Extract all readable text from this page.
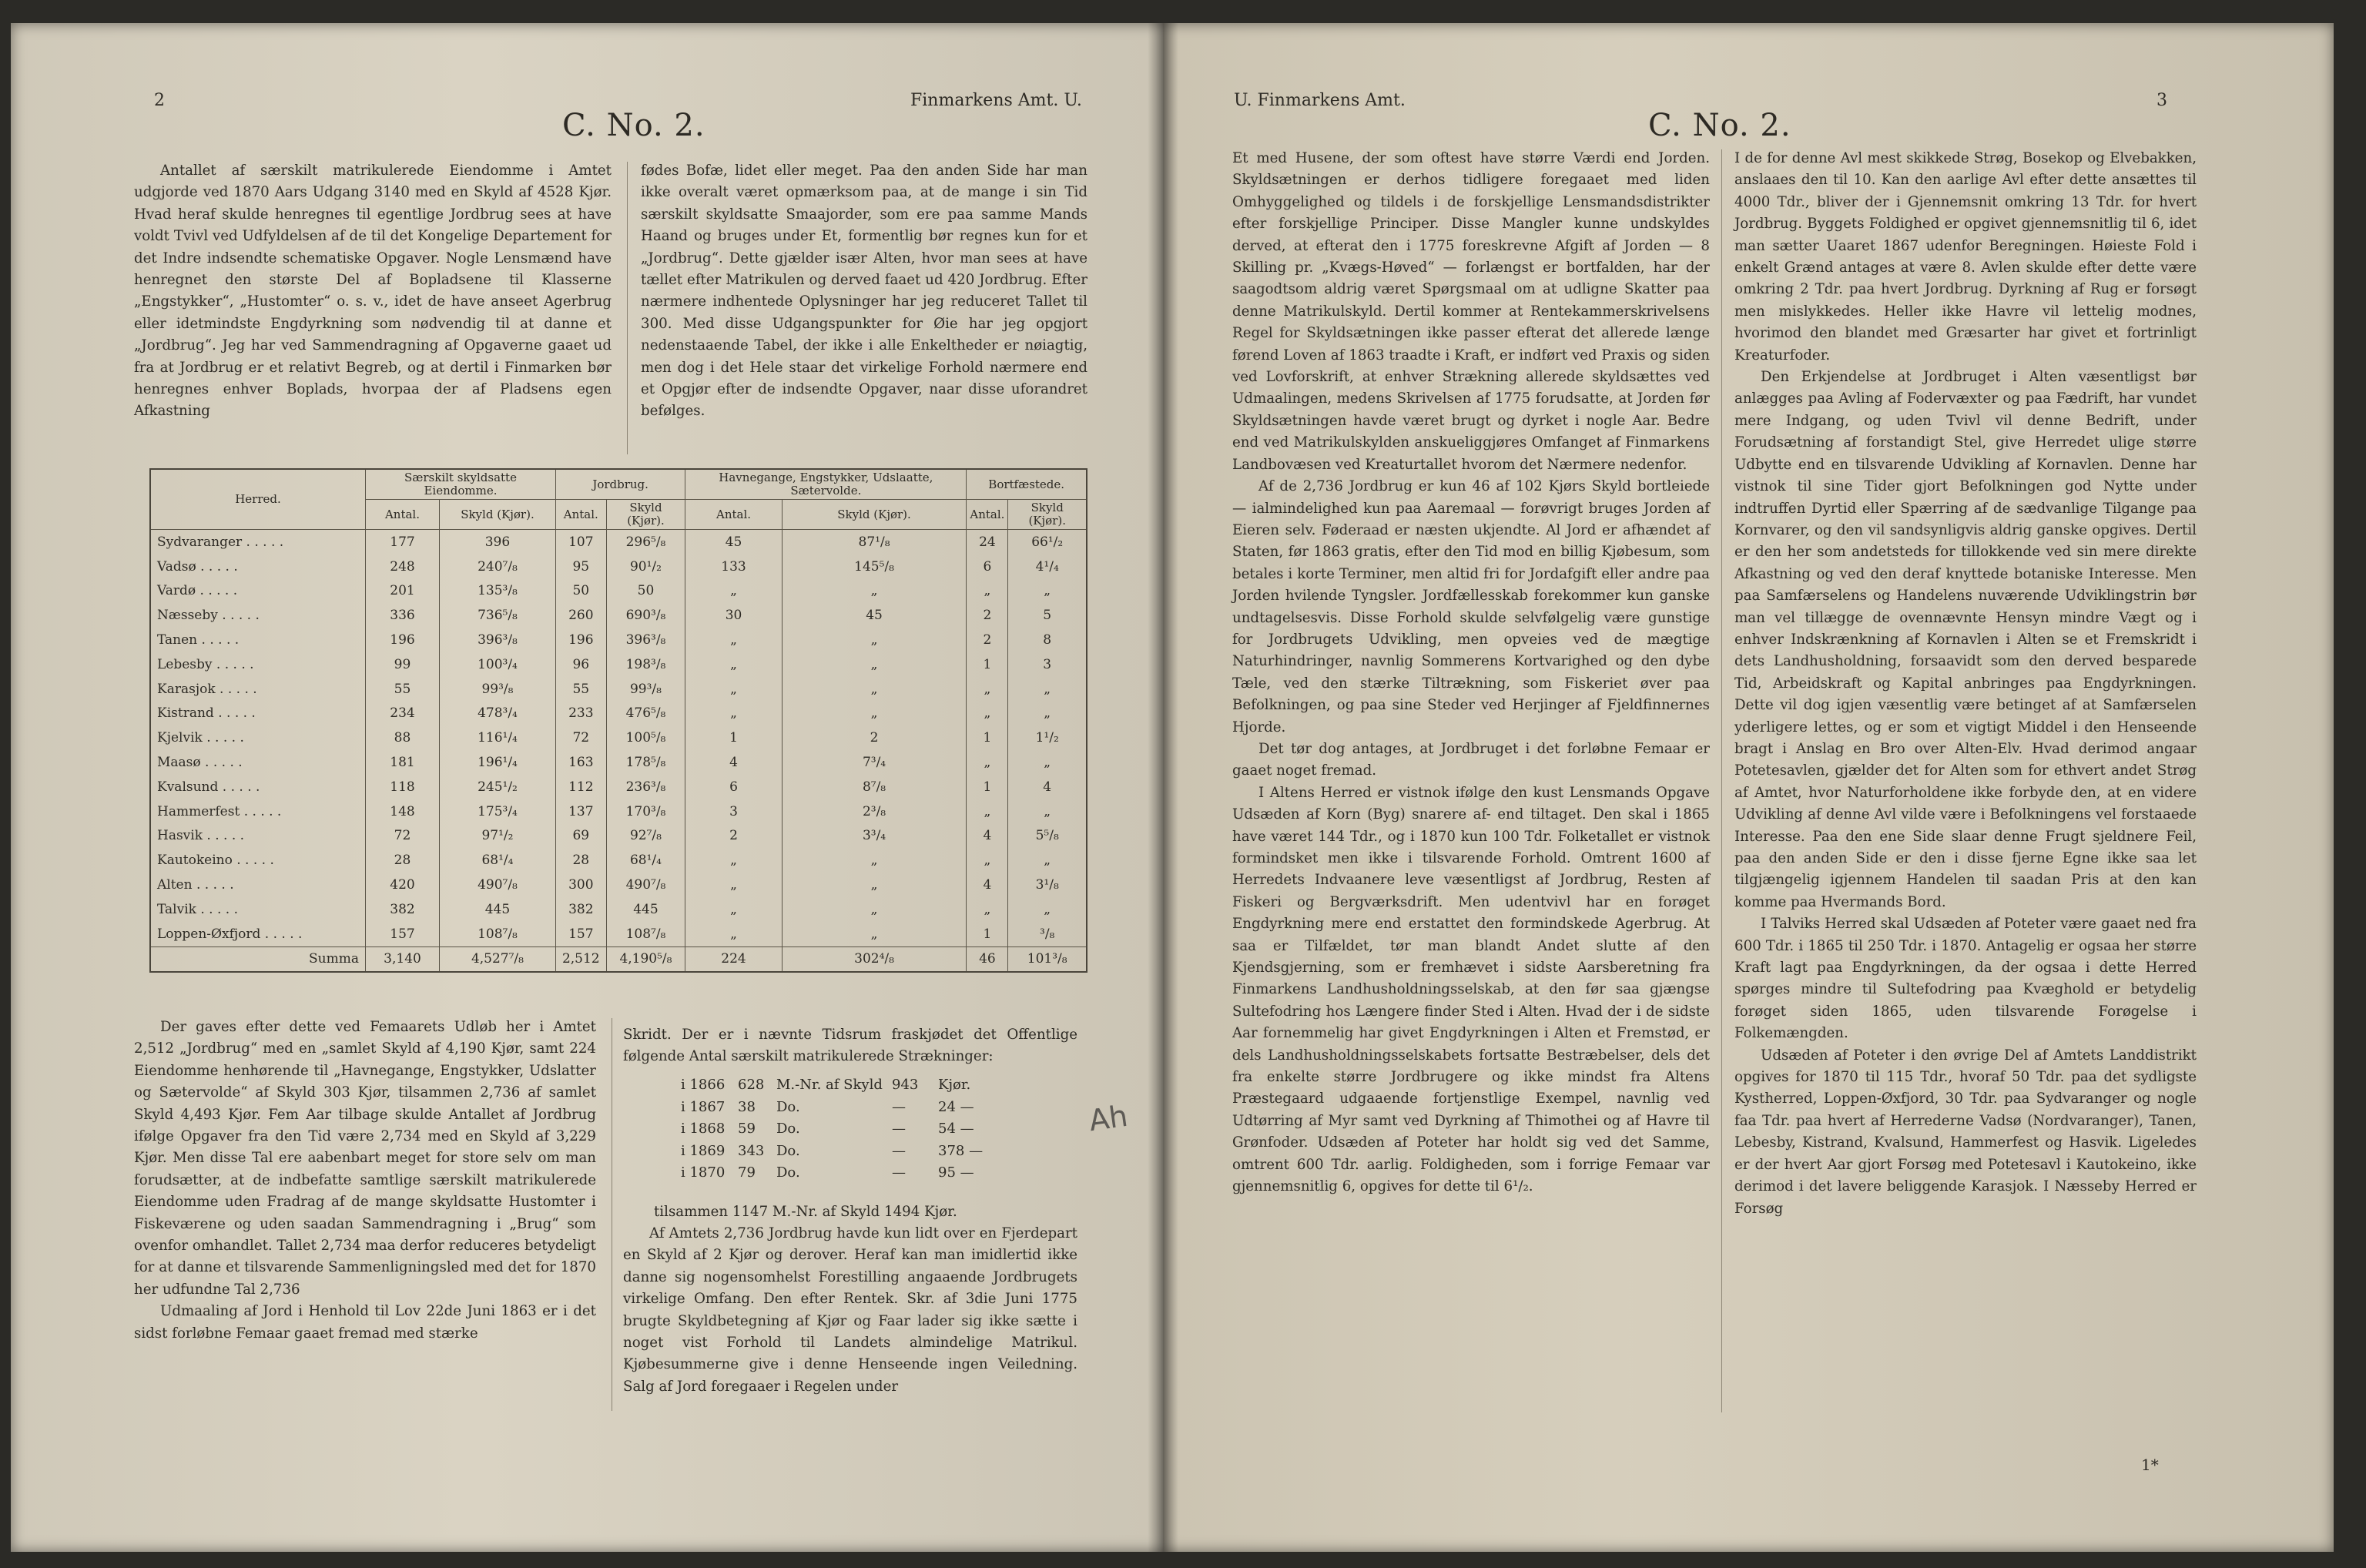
2
C. No. 2.
Finmarkens Amt. U.

Antallet af særskilt matrikulerede Eiendomme i Amtet udgjorde ved 1870 Aars Udgang 3140 med en Skyld af 4528 Kjør. Hvad heraf skulde henregnes til egentlige Jordbrug sees at have voldt Tvivl ved Udfyldelsen af de til det Kongelige Departement for det Indre indsendte schematiske Opgaver. Nogle Lensmænd have henregnet den største Del af Bopladsene til Klasserne „Engstykker“, „Hustomter“ o. s. v., idet de have anseet Agerbrug eller idetmindste Engdyrkning som nødvendig til at danne et „Jordbrug“. Jeg har ved Sammendragning af Opgaverne gaaet ud fra at Jordbrug er et relativt Begreb, og at dertil i Finmarken bør henregnes enhver Boplads, hvorpaa der af Pladsens egen Afkastning

fødes Bofæ, lidet eller meget. Paa den anden Side har man ikke overalt været opmærksom paa, at de mange i sin Tid særskilt skyldsatte Smaajorder, som ere paa samme Mands Haand og bruges under Et, formentlig bør regnes kun for et „Jordbrug“. Dette gjælder især Alten, hvor man sees at have tællet efter Matrikulen og derved faaet ud 420 Jordbrug. Efter nærmere indhentede Oplysninger har jeg reduceret Tallet til 300. Med disse Udgangspunkter for Øie har jeg opgjort nedenstaaende Tabel, der ikke i alle Enkeltheder er nøiagtig, men dog i det Hele staar det virkelige Forhold nærmere end et Opgjør efter de indsendte Opgaver, naar disse uforandret befølges.

Herred.	Særskilt skyldsatte Eiendomme.		Jordbrug.		Havnegange, Engstykker, Udslaatte, Sætervolde.		Bortfæstede.	
	Antal.	Skyld (Kjør).	Antal.	Skyld (Kjør).	Antal.	Skyld (Kjør).	Antal.	Skyld (Kjør).
Sydvaranger . . . . .	177	396	107	296⁵/₈	45	87¹/₈	24	66¹/₂
Vadsø . . . . .	248	240⁷/₈	95	90¹/₂	133	145⁵/₈	6	4¹/₄
Vardø . . . . .	201	135³/₈	50	50	„	„	„	„
Næsseby . . . . .	336	736⁵/₈	260	690³/₈	30	45	2	5
Tanen . . . . .	196	396³/₈	196	396³/₈	„	„	2	8
Lebesby . . . . .	99	100³/₄	96	198³/₈	„	„	1	3
Karasjok . . . . .	55	99³/₈	55	99³/₈	„	„	„	„
Kistrand . . . . .	234	478³/₄	233	476⁵/₈	„	„	„	„
Kjelvik . . . . .	88	116¹/₄	72	100⁵/₈	1	2	1	1¹/₂
Maasø . . . . .	181	196¹/₄	163	178⁵/₈	4	7³/₄	„	„
Kvalsund . . . . .	118	245¹/₂	112	236³/₈	6	8⁷/₈	1	4
Hammerfest . . . . .	148	175³/₄	137	170³/₈	3	2³/₈	„	„
Hasvik . . . . .	72	97¹/₂	69	92⁷/₈	2	3³/₄	4	5⁵/₈
Kautokeino . . . . .	28	68¹/₄	28	68¹/₄	„	„	„	„
Alten . . . . .	420	490⁷/₈	300	490⁷/₈	„	„	4	3¹/₈
Talvik . . . . .	382	445	382	445	„	„	„	„
Loppen-Øxfjord . . . . .	157	108⁷/₈	157	108⁷/₈	„	„	1	³/₈
Summa	3,140	4,527⁷/₈	2,512	4,190⁵/₈	224	302⁴/₈	46	101³/₈

Der gaves efter dette ved Femaarets Udløb her i Amtet 2,512 „Jordbrug“ med en „samlet Skyld af 4,190 Kjør, samt 224 Eiendomme henhørende til „Havnegange, Engstykker, Udslatter og Sætervolde“ af Skyld 303 Kjør, tilsammen 2,736 af samlet Skyld 4,493 Kjør. Fem Aar tilbage skulde Antallet af Jordbrug ifølge Opgaver fra den Tid være 2,734 med en Skyld af 3,229 Kjør. Men disse Tal ere aabenbart meget for store selv om man forudsætter, at de indbefatte samtlige særskilt matrikulerede Eiendomme uden Fradrag af de mange skyldsatte Hustomter i Fiskeværene og uden saadan Sammendragning i „Brug“ som ovenfor omhandlet. Tallet 2,734 maa derfor reduceres betydeligt for at danne et tilsvarende Sammenligningsled med det for 1870 her udfundne Tal 2,736

Udmaaling af Jord i Henhold til Lov 22de Juni 1863 er i det sidst forløbne Femaar gaaet fremad med stærke

Skridt. Der er i nævnte Tidsrum fraskjødet det Offentlige følgende Antal særskilt matrikulerede Strækninger:
i 1866 628 M.-Nr. af Skyld 943	Kjør.
i 1867 38	Do.	—	24 —
i 1868 59	Do.	—	54 —
i 1869 343 Do.	—	378 —
i 1870 79	Do.	—	95 —

tilsammen 1147 M.-Nr. af Skyld 1494 Kjør.

Af Amtets 2,736 Jordbrug havde kun lidt over en Fjerdepart en Skyld af 2 Kjør og derover. Heraf kan man imidlertid ikke danne sig nogensomhelst Forestilling angaaende Jordbrugets virkelige Omfang. Den efter Rentek. Skr. af 3die Juni 1775 brugte Skyldbetegning af Kjør og Faar lader sig ikke sætte i noget vist Forhold til Landets almindelige Matrikul. Kjøbesummerne give i denne Henseende ingen Veiledning. Salg af Jord foregaaer i Regelen under

Ah
U. Finmarkens Amt.
C. No. 2.
3

Et med Husene, der som oftest have større Værdi end Jorden. Skyldsætningen er derhos tidligere foregaaet med liden Omhyggelighed og tildels i de forskjellige Lensmandsdistrikter efter forskjellige Principer. Disse Mangler kunne undskyldes derved, at efterat den i 1775 foreskrevne Afgift af Jorden — 8 Skilling pr. „Kvægs-Høved“ — forlængst er bortfalden, har der saagodtsom aldrig været Spørgsmaal om at udligne Skatter paa denne Matrikulskyld. Dertil kommer at Rentekammerskrivelsens Regel for Skyldsætningen ikke passer efterat det allerede længe førend Loven af 1863 traadte i Kraft, er indført ved Praxis og siden ved Lovforskrift, at enhver Strækning allerede skyldsættes ved Udmaalingen, medens Skrivelsen af 1775 forudsatte, at Jorden før Skyldsætningen havde været brugt og dyrket i nogle Aar. Bedre end ved Matrikulskylden anskueliggjøres Omfanget af Finmarkens Landbovæsen ved Kreaturtallet hvorom det Nærmere nedenfor.

Af de 2,736 Jordbrug er kun 46 af 102 Kjørs Skyld bortleiede — ialmindelighed kun paa Aaremaal — forøvrigt bruges Jorden af Eieren selv. Føderaad er næsten ukjendte. Al Jord er afhændet af Staten, før 1863 gratis, efter den Tid mod en billig Kjøbesum, som betales i korte Terminer, men altid fri for Jordafgift eller andre paa Jorden hvilende Tyngsler. Jordfællesskab forekommer kun ganske undtagelsesvis. Disse Forhold skulde selvfølgelig være gunstige for Jordbrugets Udvikling, men opveies ved de mægtige Naturhindringer, navnlig Sommerens Kortvarighed og den dybe Tæle, ved den stærke Tiltrækning, som Fiskeriet øver paa Befolkningen, og paa sine Steder ved Herjinger af Fjeldfinnernes Hjorde.

Det tør dog antages, at Jordbruget i det forløbne Femaar er gaaet noget fremad.

I Altens Herred er vistnok ifølge den kust Lensmands Opgave Udsæden af Korn (Byg) snarere af- end tiltaget. Den skal i 1865 have været 144 Tdr., og i 1870 kun 100 Tdr. Folketallet er vistnok formindsket men ikke i tilsvarende Forhold. Omtrent 1600 af Herredets Indvaanere leve væsentligst af Jordbrug, Resten af Fiskeri og Bergværksdrift. Men udentvivl har en forøget Engdyrkning mere end erstattet den formindskede Agerbrug. At saa er Tilfældet, tør man blandt Andet slutte af den Kjendsgjerning, som er fremhævet i sidste Aarsberetning fra Finmarkens Landhusholdningsselskab, at den før saa gjængse Sultefodring hos Længere finder Sted i Alten. Hvad der i de sidste Aar fornemmelig har givet Engdyrkningen i Alten et Fremstød, er dels Landhusholdningsselskabets fortsatte Bestræbelser, dels det fra enkelte større Jordbrugere og ikke mindst fra Altens Præstegaard udgaaende fortjenstlige Exempel, navnlig ved Udtørring af Myr samt ved Dyrkning af Thimothei og af Havre til Grønfoder. Udsæden af Poteter har holdt sig ved det Samme, omtrent 600 Tdr. aarlig. Foldigheden, som i forrige Femaar var gjennemsnitlig 6, opgives for dette til 6¹/₂.

I de for denne Avl mest skikkede Strøg, Bosekop og Elvebakken, anslaaes den til 10. Kan den aarlige Avl efter dette ansættes til 4000 Tdr., bliver der i Gjennemsnit omkring 13 Tdr. for hvert Jordbrug. Byggets Foldighed er opgivet gjennemsnitlig til 6, idet man sætter Uaaret 1867 udenfor Beregningen. Høieste Fold i enkelt Grænd antages at være 8. Avlen skulde efter dette være omkring 2 Tdr. paa hvert Jordbrug. Dyrkning af Rug er forsøgt men mislykkedes. Heller ikke Havre vil lettelig modnes, hvorimod den blandet med Græsarter har givet et fortrinligt Kreaturfoder.

Den Erkjendelse at Jordbruget i Alten væsentligst bør anlægges paa Avling af Fodervæxter og paa Fædrift, har vundet mere Indgang, og uden Tvivl vil denne Bedrift, under Forudsætning af forstandigt Stel, give Herredet ulige større Udbytte end en tilsvarende Udvikling af Kornavlen. Denne har vistnok til sine Tider gjort Befolkningen god Nytte under indtruffen Dyrtid eller Spærring af de sædvanlige Tilgange paa Kornvarer, og den vil sandsynligvis aldrig ganske opgives. Dertil er den her som andetsteds for tillokkende ved sin mere direkte Afkastning og ved den deraf knyttede botaniske Interesse. Men paa Samfærselens og Handelens nuværende Udviklingstrin bør man vel tillægge de ovennævnte Hensyn mindre Vægt og i enhver Indskrænkning af Kornavlen i Alten se et Fremskridt i dets Landhusholdning, forsaavidt som den derved besparede Tid, Arbeidskraft og Kapital anbringes paa Engdyrkningen. Dette vil dog igjen væsentlig være betinget af at Samfærselen yderligere lettes, og er som et vigtigt Middel i den Henseende bragt i Anslag en Bro over Alten-Elv. Hvad derimod angaar Potetesavlen, gjælder det for Alten som for ethvert andet Strøg af Amtet, hvor Naturforholdene ikke forbyde den, at en videre Udvikling af denne Avl vilde være i Befolkningens vel forstaaede Interesse. Paa den ene Side slaar denne Frugt sjeldnere Feil, paa den anden Side er den i disse fjerne Egne ikke saa let tilgjængelig igjennem Handelen til saadan Pris at den kan komme paa Hvermands Bord.

I Talviks Herred skal Udsæden af Poteter være gaaet ned fra 600 Tdr. i 1865 til 250 Tdr. i 1870. Antagelig er ogsaa her større Kraft lagt paa Engdyrkningen, da der ogsaa i dette Herred spørges mindre til Sultefodring paa Kvæghold er betydelig forøget siden 1865, uden tilsvarende Forøgelse i Folkemængden.

Udsæden af Poteter i den øvrige Del af Amtets Landdistrikt opgives for 1870 til 115 Tdr., hvoraf 50 Tdr. paa det sydligste Kystherred, Loppen-Øxfjord, 30 Tdr. paa Sydvaranger og nogle faa Tdr. paa hvert af Herrederne Vadsø (Nordvaranger), Tanen, Lebesby, Kistrand, Kvalsund, Hammerfest og Hasvik. Ligeledes er der hvert Aar gjort Forsøg med Potetesavl i Kautokeino, ikke derimod i det lavere beliggende Karasjok. I Næsseby Herred er Forsøg

1*
